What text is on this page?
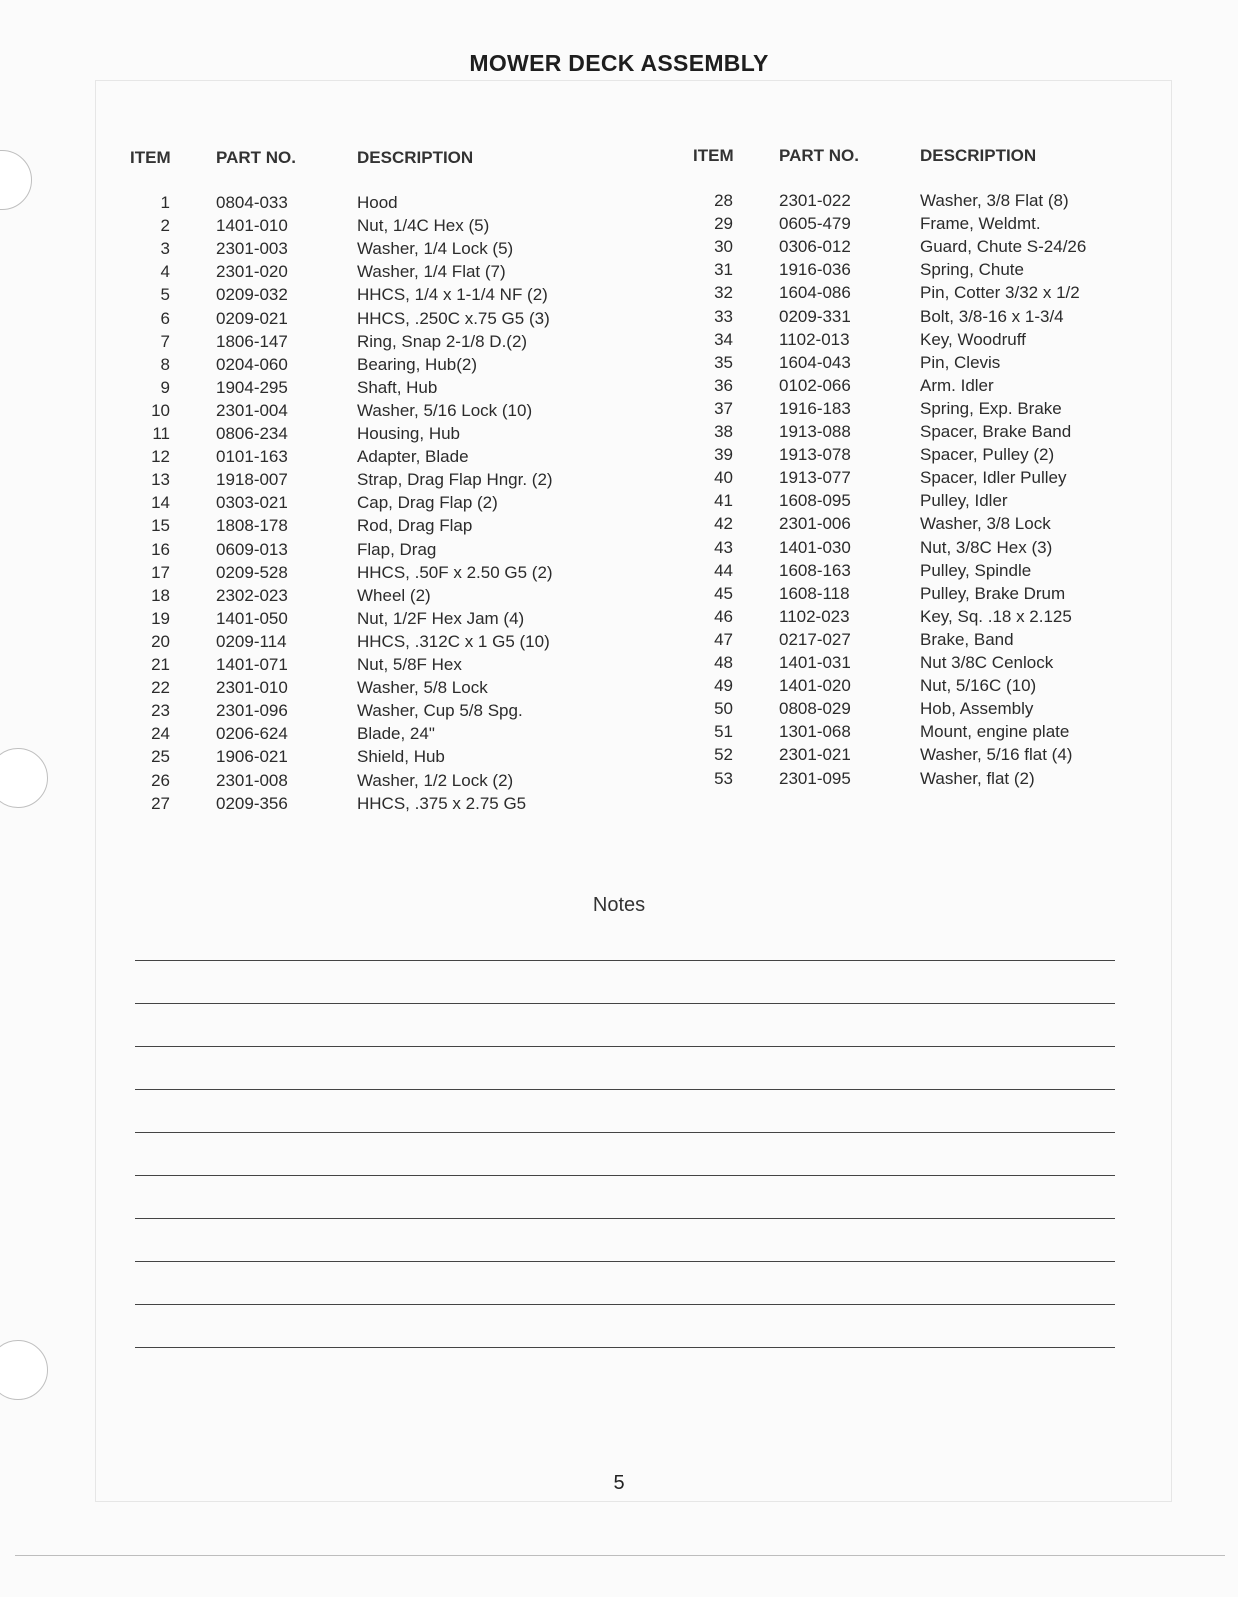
MOWER DECK ASSEMBLY
ITEM	PART NO.	DESCRIPTION	ITEM	PART NO.	DESCRIPTION
1	0804-033	Hood
2	1401-010	Nut, 1/4C Hex (5)
3	2301-003	Washer, 1/4 Lock (5)
4	2301-020	Washer, 1/4 Flat (7)
5	0209-032	HHCS, 1/4 x 1-1/4 NF (2)
6	0209-021	HHCS, .250C x.75 G5 (3)
7	1806-147	Ring, Snap 2-1/8 D.(2)
8	0204-060	Bearing, Hub(2)
9	1904-295	Shaft, Hub
10	2301-004	Washer, 5/16 Lock (10)
11	0806-234	Housing, Hub
12	0101-163	Adapter, Blade
13	1918-007	Strap, Drag Flap Hngr. (2)
14	0303-021	Cap, Drag Flap (2)
15	1808-178	Rod, Drag Flap
16	0609-013	Flap, Drag
17	0209-528	HHCS, .50F x 2.50 G5 (2)
18	2302-023	Wheel (2)
19	1401-050	Nut, 1/2F Hex Jam (4)
20	0209-114	HHCS, .312C x 1 G5 (10)
21	1401-071	Nut, 5/8F Hex
22	2301-010	Washer, 5/8 Lock
23	2301-096	Washer, Cup 5/8 Spg.
24	0206-624	Blade, 24"
25	1906-021	Shield, Hub
26	2301-008	Washer, 1/2 Lock (2)
27	0209-356	HHCS, .375 x 2.75 G5
28	2301-022	Washer, 3/8 Flat (8)
29	0605-479	Frame, Weldmt.
30	0306-012	Guard, Chute S-24/26
31	1916-036	Spring, Chute
32	1604-086	Pin, Cotter 3/32 x 1/2
33	0209-331	Bolt, 3/8-16 x 1-3/4
34	1102-013	Key, Woodruff
35	1604-043	Pin, Clevis
36	0102-066	Arm. Idler
37	1916-183	Spring, Exp. Brake
38	1913-088	Spacer, Brake Band
39	1913-078	Spacer, Pulley (2)
40	1913-077	Spacer, Idler Pulley
41	1608-095	Pulley, Idler
42	2301-006	Washer, 3/8 Lock
43	1401-030	Nut, 3/8C Hex (3)
44	1608-163	Pulley, Spindle
45	1608-118	Pulley, Brake Drum
46	1102-023	Key, Sq. .18 x 2.125
47	0217-027	Brake, Band
48	1401-031	Nut 3/8C Cenlock
49	1401-020	Nut, 5/16C (10)
50	0808-029	Hob, Assembly
51	1301-068	Mount, engine plate
52	2301-021	Washer, 5/16 flat (4)
53	2301-095	Washer, flat (2)
Notes
5
